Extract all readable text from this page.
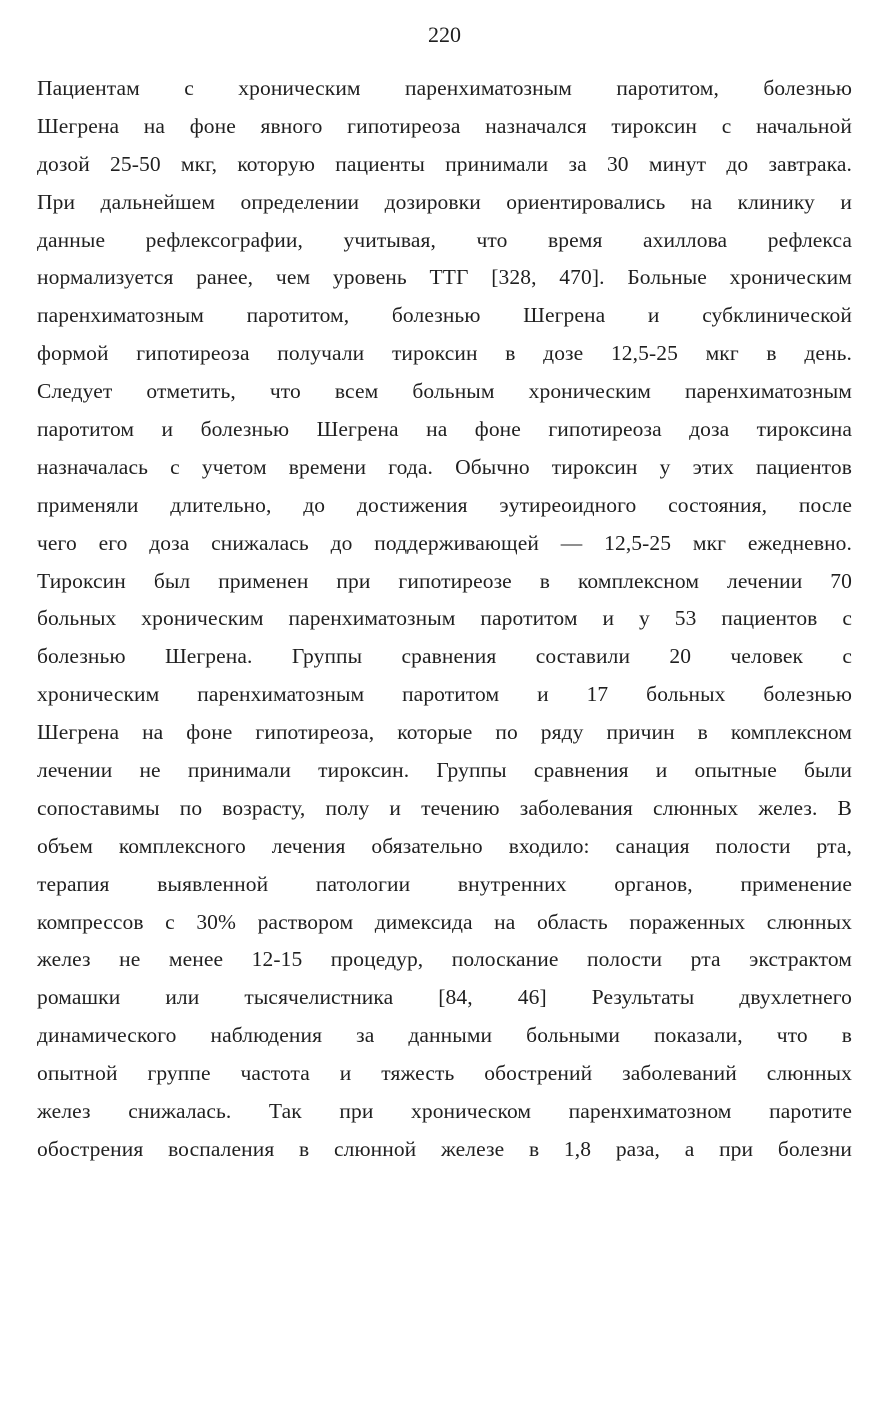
220
Пациентам с хроническим паренхиматозным паротитом, болезнью
Шегрена на фоне явного гипотиреоза назначался тироксин с начальной
дозой 25-50 мкг, которую пациенты принимали за 30 минут до завтрака.
При дальнейшем определении дозировки ориентировались на клинику и
данные рефлексографии, учитывая, что время ахиллова рефлекса
нормализуется ранее, чем уровень ТТГ [328, 470]. Больные хроническим
паренхиматозным паротитом, болезнью Шегрена и субклинической
формой гипотиреоза получали тироксин в дозе 12,5-25 мкг в день.
Следует отметить, что всем больным хроническим паренхиматозным
паротитом и болезнью Шегрена на фоне гипотиреоза доза тироксина
назначалась с учетом времени года. Обычно тироксин у этих пациентов
применяли длительно, до достижения эутиреоидного состояния, после
чего его доза снижалась до поддерживающей — 12,5-25 мкг ежедневно.
Тироксин был применен при гипотиреозе в комплексном лечении 70
больных хроническим паренхиматозным паротитом и у 53 пациентов с
болезнью Шегрена. Группы сравнения составили 20 человек с
хроническим паренхиматозным паротитом и 17 больных болезнью
Шегрена на фоне гипотиреоза, которые по ряду причин в комплексном
лечении не принимали тироксин. Группы сравнения и опытные были
сопоставимы по возрасту, полу и течению заболевания слюнных желез. В
объем комплексного лечения обязательно входило: санация полости рта,
терапия выявленной патологии внутренних органов, применение
компрессов с 30% раствором димексида на область пораженных слюнных
желез не менее 12-15 процедур, полоскание полости рта экстрактом
ромашки или тысячелистника [84, 46] Результаты двухлетнего
динамического наблюдения за данными больными показали, что в
опытной группе частота и тяжесть обострений заболеваний слюнных
желез снижалась. Так при хроническом паренхиматозном паротите
обострения воспаления в слюнной железе в 1,8 раза, а при болезни
